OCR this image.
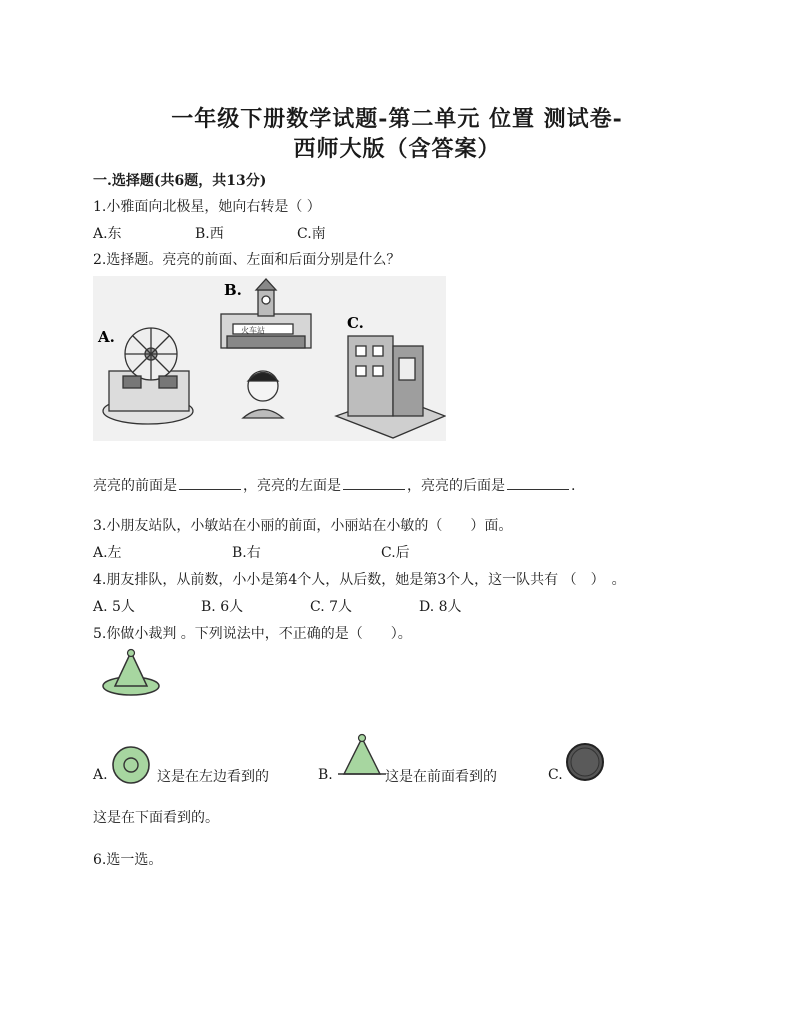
一年级下册数学试题-第二单元 位置 测试卷-
西师大版（含答案）
一.选择题(共6题，共13分)
1.小雅面向北极星，她向右转是（ ）
A.东	B.西	C.南
2.选择题。亮亮的前面、左面和后面分别是什么？
A.	火车站
B.
C.
亮亮的前面是	，亮亮的左面是	，亮亮的后面是	.
3.小朋友站队，小敏站在小丽的前面，小丽站在小敏的（　　）面。
A.左	B.右	C.后
4.朋友排队，从前数，小小是第4个人，从后数，她是第3个人，这一队共有 （　）　。
A. 5人	B. 6人	C. 7人	D. 8人
5.你做小裁判 。下列说法中，不正确的是（　　）。
A.	这是在左边看到的	B.	这是在前面看到的	C.
这是在下面看到的。
6.选一选。
